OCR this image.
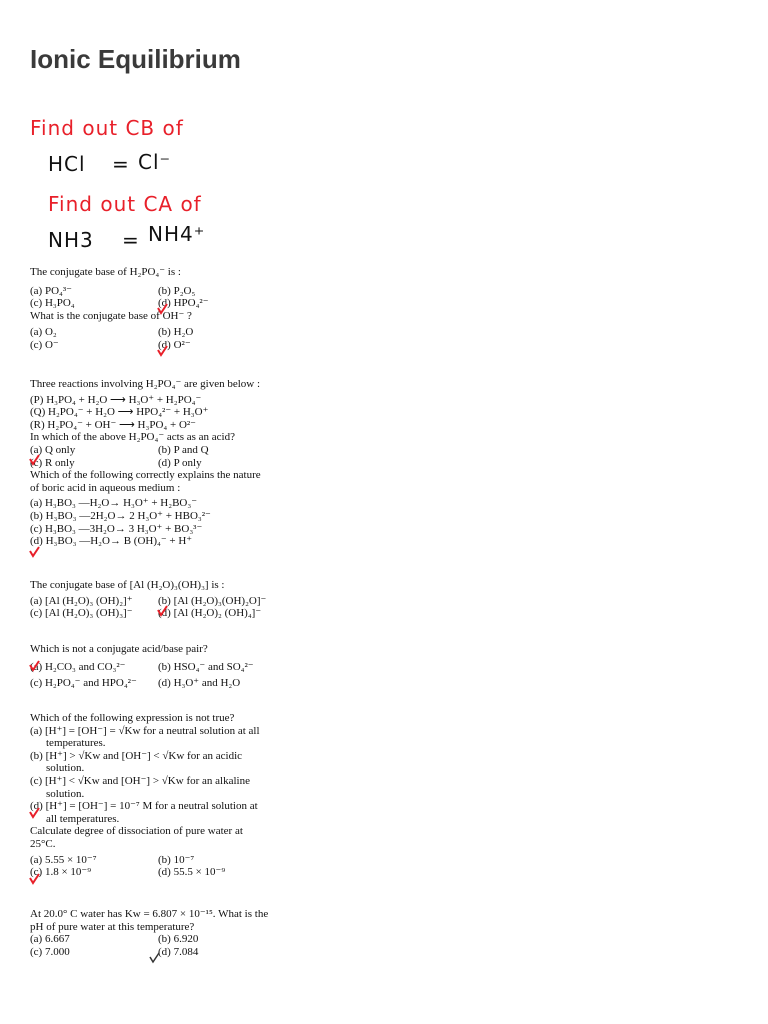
Ionic Equilibrium
Find out CB of
HCl = Cl⁻
Find out CA of
NH3 = NH4⁺
The conjugate base of H₂PO₄⁻ is :
(a) PO₄³⁻	(b) P₂O₅
(c) H₃PO₄	(d) HPO₄²⁻
What is the conjugate base of OH⁻ ?
(a) O₂	(b) H₂O
(c) O⁻	(d) O²⁻
Three reactions involving H₂PO₄⁻ are given below :
(P) H₃PO₄ + H₂O ⟶ H₃O⁺ + H₂PO₄⁻
(Q) H₂PO₄⁻ + H₂O ⟶ HPO₄²⁻ + H₃O⁺
(R) H₂PO₄⁻ + OH⁻ ⟶ H₃PO₄ + O²⁻
In which of the above H₂PO₄⁻ acts as an acid?
(a) Q only	(b) P and Q
(c) R only	(d) P only
Which of the following correctly explains the nature
of boric acid in aqueous medium :
(a) H₃BO₃ —H₂O→ H₃O⁺ + H₂BO₃⁻
(b) H₃BO₃ —2H₂O→ 2 H₃O⁺ + HBO₃²⁻
(c) H₃BO₃ —3H₂O→ 3 H₃O⁺ + BO₃³⁻
(d) H₃BO₃ —H₂O→ B (OH)₄⁻ + H⁺
The conjugate base of [Al (H₂O)₃(OH)₃] is :
(a) [Al (H₂O)₃ (OH)₂]⁺	(b) [Al (H₂O)₃(OH)₂O]⁻
(c) [Al (H₂O)₃ (OH)₃]⁻	(d) [Al (H₂O)₂ (OH)₄]⁻
Which is not a conjugate acid/base pair?
(a) H₂CO₃ and CO₃²⁻	(b) HSO₄⁻ and SO₄²⁻
(c) H₂PO₄⁻ and HPO₄²⁻	(d) H₃O⁺ and H₂O
Which of the following expression is not true?
(a) [H⁺] = [OH⁻] = √Kw for a neutral solution at all
temperatures.
(b) [H⁺] > √Kw and [OH⁻] < √Kw for an acidic
solution.
(c) [H⁺] < √Kw and [OH⁻] > √Kw for an alkaline
solution.
(d) [H⁺] = [OH⁻] = 10⁻⁷ M for a neutral solution at
all temperatures.
Calculate degree of dissociation of pure water at
25°C.
(a) 5.55 × 10⁻⁷	(b) 10⁻⁷
(c) 1.8 × 10⁻⁹	(d) 55.5 × 10⁻⁹
At 20.0° C water has Kw = 6.807 × 10⁻¹⁵. What is the
pH of pure water at this temperature?
(a) 6.667	(b) 6.920
(c) 7.000	(d) 7.084
